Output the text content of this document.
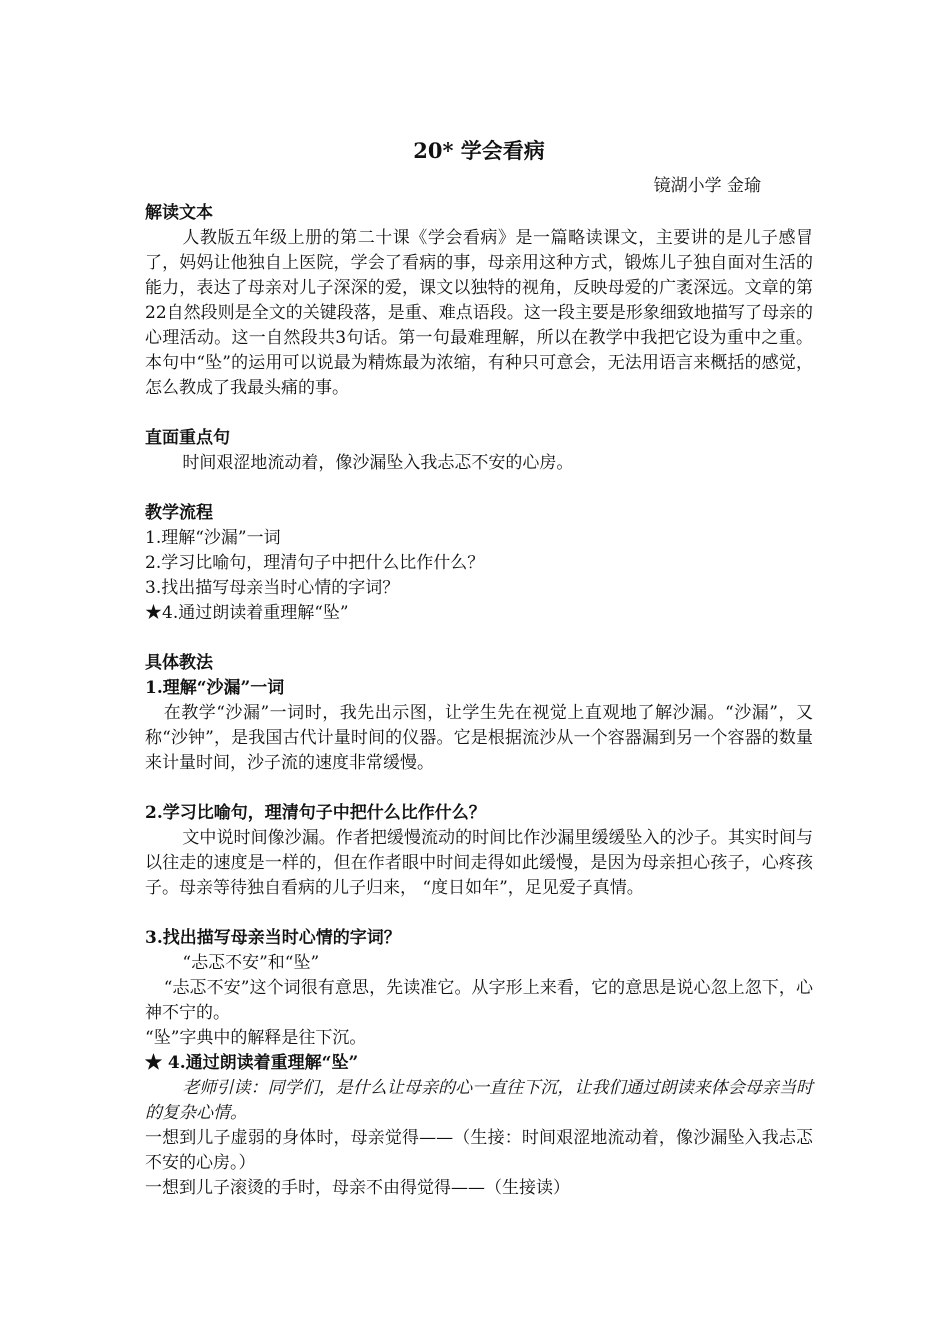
20* 学会看病
镜湖小学 金瑜
解读文本

人教版五年级上册的第二十课《学会看病》是一篇略读课文，主要讲的是儿子感冒了，妈妈让他独自上医院，学会了看病的事，母亲用这种方式，锻炼儿子独自面对生活的能力，表达了母亲对儿子深深的爱，课文以独特的视角，反映母爱的广袤深远。文章的第22自然段则是全文的关键段落，是重、难点语段。这一段主要是形象细致地描写了母亲的心理活动。这一自然段共3句话。第一句最难理解，所以在教学中我把它设为重中之重。本句中“坠”的运用可以说最为精炼最为浓缩，有种只可意会，无法用语言来概括的感觉，怎么教成了我最头痛的事。

直面重点句

时间艰涩地流动着，像沙漏坠入我忐忑不安的心房。

教学流程

1.理解“沙漏”一词

2.学习比喻句，理清句子中把什么比作什么？

3.找出描写母亲当时心情的字词？

★4.通过朗读着重理解“坠”

具体教法
1.理解“沙漏”一词

在教学“沙漏”一词时，我先出示图，让学生先在视觉上直观地了解沙漏。“沙漏”，又称“沙钟”，是我国古代计量时间的仪器。它是根据流沙从一个容器漏到另一个容器的数量来计量时间，沙子流的速度非常缓慢。

2.学习比喻句，理清句子中把什么比作什么？

文中说时间像沙漏。作者把缓慢流动的时间比作沙漏里缓缓坠入的沙子。其实时间与以往走的速度是一样的，但在作者眼中时间走得如此缓慢，是因为母亲担心孩子，心疼孩子。母亲等待独自看病的儿子归来， “度日如年”，足见爱子真情。

3.找出描写母亲当时心情的字词？

“忐忑不安”和“坠”

“忐忑不安”这个词很有意思，先读准它。从字形上来看，它的意思是说心忽上忽下，心神不宁的。

“坠”字典中的解释是往下沉。

★ 4.通过朗读着重理解“坠”

老师引读：同学们，是什么让母亲的心一直往下沉，让我们通过朗读来体会母亲当时的复杂心情。

一想到儿子虚弱的身体时，母亲觉得——（生接：时间艰涩地流动着，像沙漏坠入我忐忑不安的心房。）

一想到儿子滚烫的手时，母亲不由得觉得——（生接读）
